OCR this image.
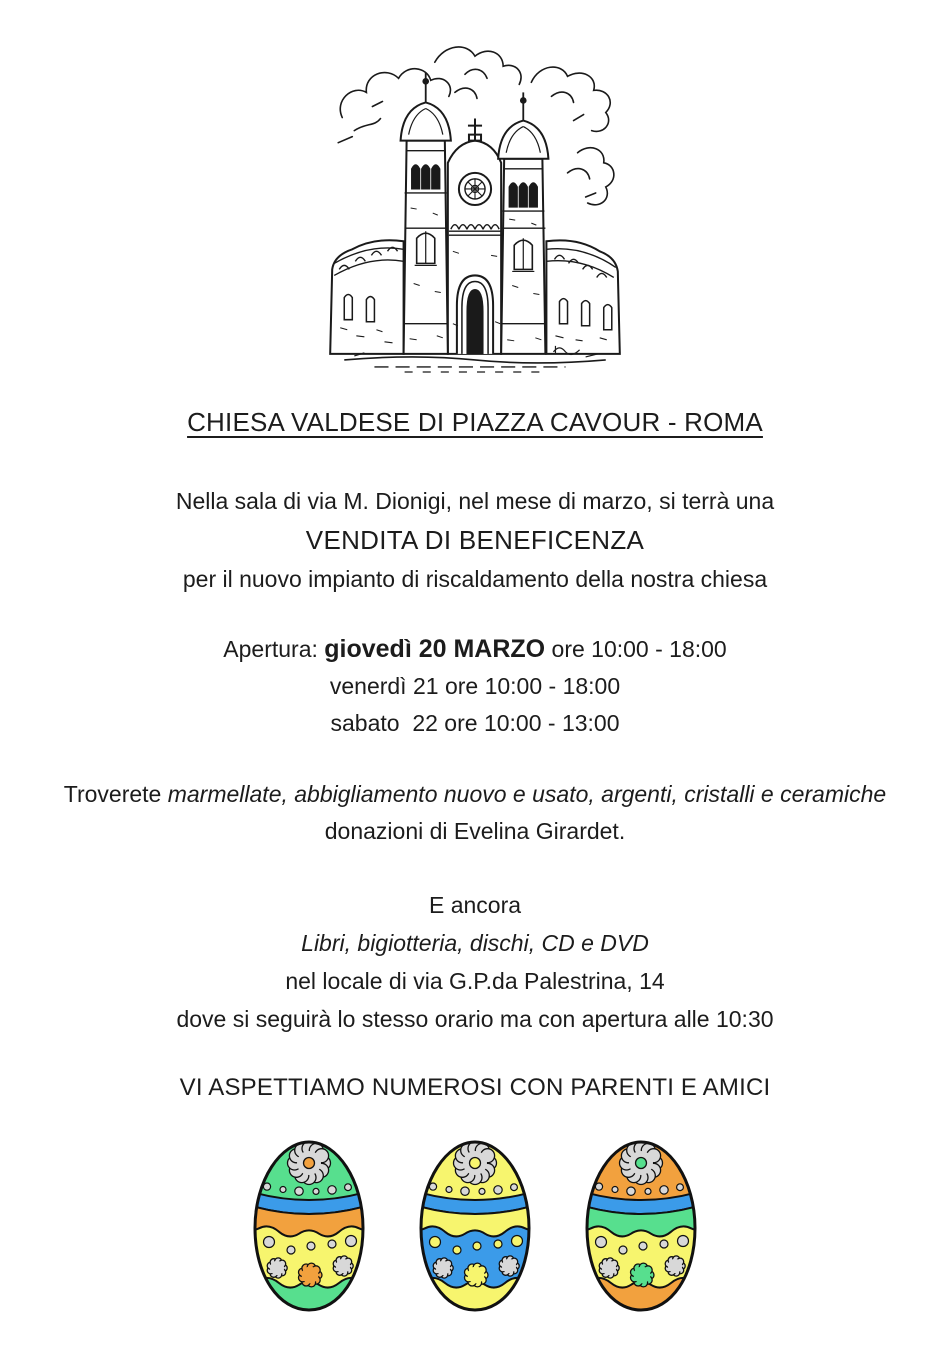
CHIESA VALDESE DI PIAZZA CAVOUR - ROMA

Nella sala di via M. Dionigi, nel mese di marzo, si terrà una

VENDITA DI BENEFICENZA

per il nuovo impianto di riscaldamento della nostra chiesa

Apertura: giovedì 20 MARZO ore 10:00 - 18:00

venerdì 21 ore 10:00 - 18:00

sabato  22 ore 10:00 - 13:00

Troverete marmellate, abbigliamento nuovo e usato, argenti, cristalli e ceramiche

donazioni di Evelina Girardet.

E ancora

Libri, bigiotteria, dischi, CD e DVD

nel locale di via G.P.da Palestrina, 14

dove si seguirà lo stesso orario ma con apertura alle 10:30

VI ASPETTIAMO NUMEROSI CON PARENTI E AMICI
